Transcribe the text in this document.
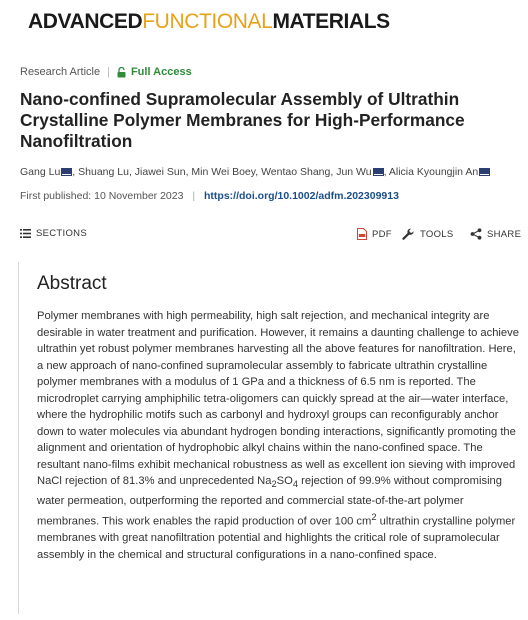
ADVANCEDFUNCTIONALMATERIALS
Research Article | Full Access
Nano-confined Supramolecular Assembly of Ultrathin Crystalline Polymer Membranes for High-Performance Nanofiltration
Gang Lu , Shuang Lu, Jiawei Sun, Min Wei Boey, Wentao Shang, Jun Wu , Alicia Kyoungjin An
First published: 10 November 2023 | https://doi.org/10.1002/adfm.202309913
SECTIONS	PDF	TOOLS	SHARE
Abstract

Polymer membranes with high permeability, high salt rejection, and mechanical integrity are desirable in water treatment and purification. However, it remains a daunting challenge to achieve ultrathin yet robust polymer membranes harvesting all the above features for nanofiltration. Here, a new approach of nano-confined supramolecular assembly to fabricate ultrathin crystalline polymer membranes with a modulus of 1 GPa and a thickness of 6.5 nm is reported. The microdroplet carrying amphiphilic tetra-oligomers can quickly spread at the air—water interface, where the hydrophilic motifs such as carbonyl and hydroxyl groups can reconfigurably anchor down to water molecules via abundant hydrogen bonding interactions, significantly promoting the alignment and orientation of hydrophobic alkyl chains within the nano-confined space. The resultant nano-films exhibit mechanical robustness as well as excellent ion sieving with improved NaCl rejection of 81.3% and unprecedented $Na_2SO_4$ rejection of 99.9% without compromising water permeation, outperforming the reported and commercial state-of-the-art polymer membranes. This work enables the rapid production of over 100 $cm^2$ ultrathin crystalline polymer membranes with great nanofiltration potential and highlights the critical role of supramolecular assembly in the chemical and structural configurations in a nano-confined space.
